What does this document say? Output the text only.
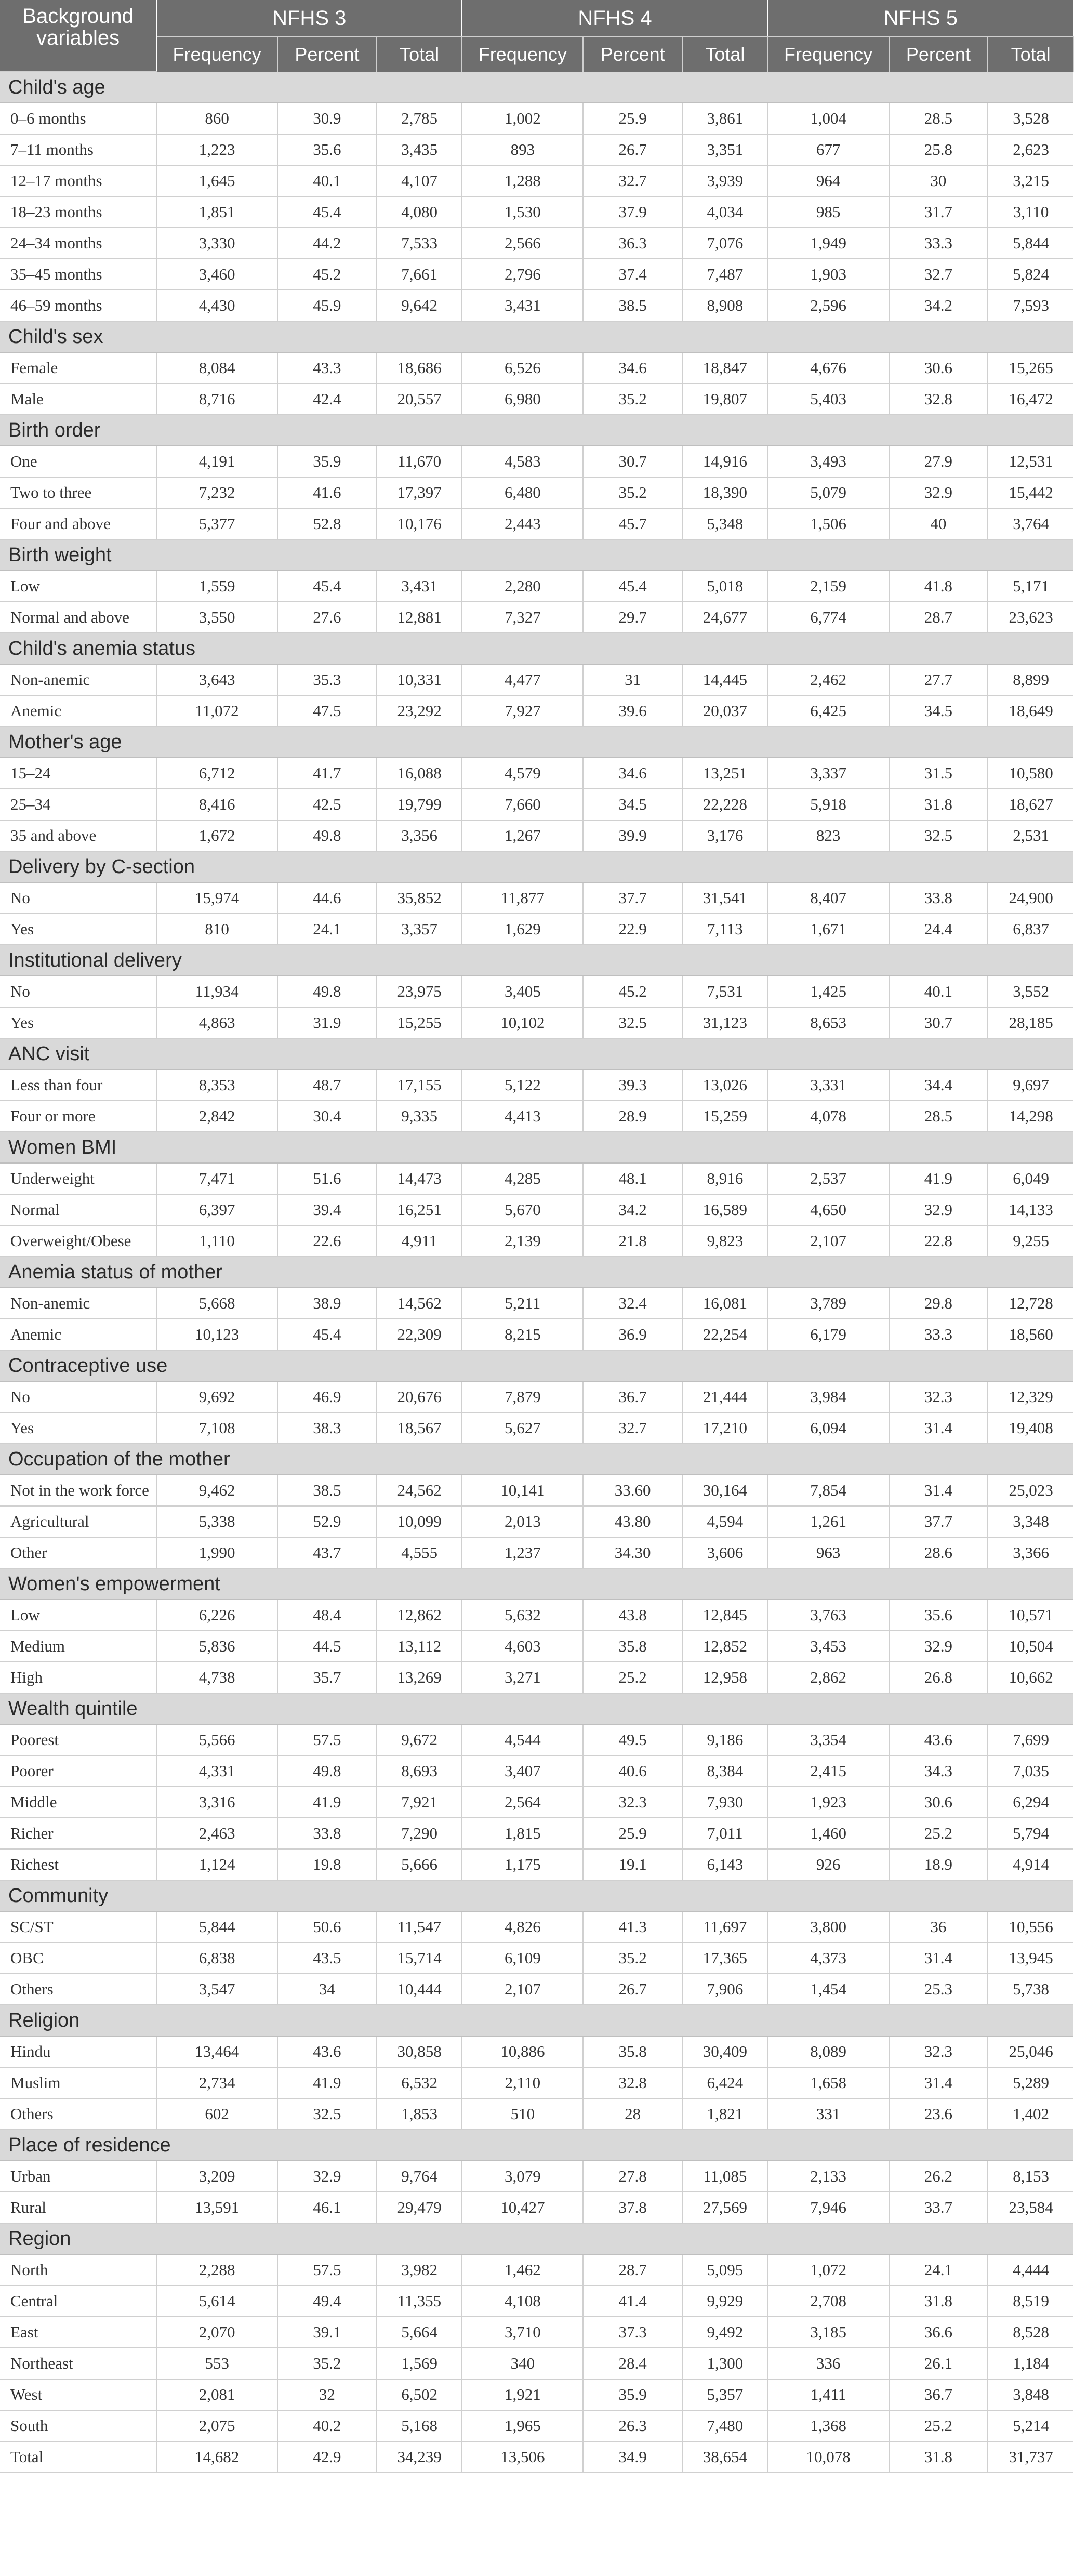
Background variables	NFHS 3			NFHS 4			NFHS 5		
	Frequency	Percent	Total	Frequency	Percent	Total	Frequency	Percent	Total
Child's age									
0–6 months	860	30.9	2,785	1,002	25.9	3,861	1,004	28.5	3,528
7–11 months	1,223	35.6	3,435	893	26.7	3,351	677	25.8	2,623
12–17 months	1,645	40.1	4,107	1,288	32.7	3,939	964	30	3,215
18–23 months	1,851	45.4	4,080	1,530	37.9	4,034	985	31.7	3,110
24–34 months	3,330	44.2	7,533	2,566	36.3	7,076	1,949	33.3	5,844
35–45 months	3,460	45.2	7,661	2,796	37.4	7,487	1,903	32.7	5,824
46–59 months	4,430	45.9	9,642	3,431	38.5	8,908	2,596	34.2	7,593
Child's sex									
Female	8,084	43.3	18,686	6,526	34.6	18,847	4,676	30.6	15,265
Male	8,716	42.4	20,557	6,980	35.2	19,807	5,403	32.8	16,472
Birth order									
One	4,191	35.9	11,670	4,583	30.7	14,916	3,493	27.9	12,531
Two to three	7,232	41.6	17,397	6,480	35.2	18,390	5,079	32.9	15,442
Four and above	5,377	52.8	10,176	2,443	45.7	5,348	1,506	40	3,764
Birth weight									
Low	1,559	45.4	3,431	2,280	45.4	5,018	2,159	41.8	5,171
Normal and above	3,550	27.6	12,881	7,327	29.7	24,677	6,774	28.7	23,623
Child's anemia status									
Non-anemic	3,643	35.3	10,331	4,477	31	14,445	2,462	27.7	8,899
Anemic	11,072	47.5	23,292	7,927	39.6	20,037	6,425	34.5	18,649
Mother's age									
15–24	6,712	41.7	16,088	4,579	34.6	13,251	3,337	31.5	10,580
25–34	8,416	42.5	19,799	7,660	34.5	22,228	5,918	31.8	18,627
35 and above	1,672	49.8	3,356	1,267	39.9	3,176	823	32.5	2,531
Delivery by C-section									
No	15,974	44.6	35,852	11,877	37.7	31,541	8,407	33.8	24,900
Yes	810	24.1	3,357	1,629	22.9	7,113	1,671	24.4	6,837
Institutional delivery									
No	11,934	49.8	23,975	3,405	45.2	7,531	1,425	40.1	3,552
Yes	4,863	31.9	15,255	10,102	32.5	31,123	8,653	30.7	28,185
ANC visit									
Less than four	8,353	48.7	17,155	5,122	39.3	13,026	3,331	34.4	9,697
Four or more	2,842	30.4	9,335	4,413	28.9	15,259	4,078	28.5	14,298
Women BMI									
Underweight	7,471	51.6	14,473	4,285	48.1	8,916	2,537	41.9	6,049
Normal	6,397	39.4	16,251	5,670	34.2	16,589	4,650	32.9	14,133
Overweight/Obese	1,110	22.6	4,911	2,139	21.8	9,823	2,107	22.8	9,255
Anemia status of mother									
Non-anemic	5,668	38.9	14,562	5,211	32.4	16,081	3,789	29.8	12,728
Anemic	10,123	45.4	22,309	8,215	36.9	22,254	6,179	33.3	18,560
Contraceptive use									
No	9,692	46.9	20,676	7,879	36.7	21,444	3,984	32.3	12,329
Yes	7,108	38.3	18,567	5,627	32.7	17,210	6,094	31.4	19,408
Occupation of the mother									
Not in the work force	9,462	38.5	24,562	10,141	33.60	30,164	7,854	31.4	25,023
Agricultural	5,338	52.9	10,099	2,013	43.80	4,594	1,261	37.7	3,348
Other	1,990	43.7	4,555	1,237	34.30	3,606	963	28.6	3,366
Women's empowerment									
Low	6,226	48.4	12,862	5,632	43.8	12,845	3,763	35.6	10,571
Medium	5,836	44.5	13,112	4,603	35.8	12,852	3,453	32.9	10,504
High	4,738	35.7	13,269	3,271	25.2	12,958	2,862	26.8	10,662
Wealth quintile									
Poorest	5,566	57.5	9,672	4,544	49.5	9,186	3,354	43.6	7,699
Poorer	4,331	49.8	8,693	3,407	40.6	8,384	2,415	34.3	7,035
Middle	3,316	41.9	7,921	2,564	32.3	7,930	1,923	30.6	6,294
Richer	2,463	33.8	7,290	1,815	25.9	7,011	1,460	25.2	5,794
Richest	1,124	19.8	5,666	1,175	19.1	6,143	926	18.9	4,914
Community									
SC/ST	5,844	50.6	11,547	4,826	41.3	11,697	3,800	36	10,556
OBC	6,838	43.5	15,714	6,109	35.2	17,365	4,373	31.4	13,945
Others	3,547	34	10,444	2,107	26.7	7,906	1,454	25.3	5,738
Religion									
Hindu	13,464	43.6	30,858	10,886	35.8	30,409	8,089	32.3	25,046
Muslim	2,734	41.9	6,532	2,110	32.8	6,424	1,658	31.4	5,289
Others	602	32.5	1,853	510	28	1,821	331	23.6	1,402
Place of residence									
Urban	3,209	32.9	9,764	3,079	27.8	11,085	2,133	26.2	8,153
Rural	13,591	46.1	29,479	10,427	37.8	27,569	7,946	33.7	23,584
Region									
North	2,288	57.5	3,982	1,462	28.7	5,095	1,072	24.1	4,444
Central	5,614	49.4	11,355	4,108	41.4	9,929	2,708	31.8	8,519
East	2,070	39.1	5,664	3,710	37.3	9,492	3,185	36.6	8,528
Northeast	553	35.2	1,569	340	28.4	1,300	336	26.1	1,184
West	2,081	32	6,502	1,921	35.9	5,357	1,411	36.7	3,848
South	2,075	40.2	5,168	1,965	26.3	7,480	1,368	25.2	5,214
Total	14,682	42.9	34,239	13,506	34.9	38,654	10,078	31.8	31,737
